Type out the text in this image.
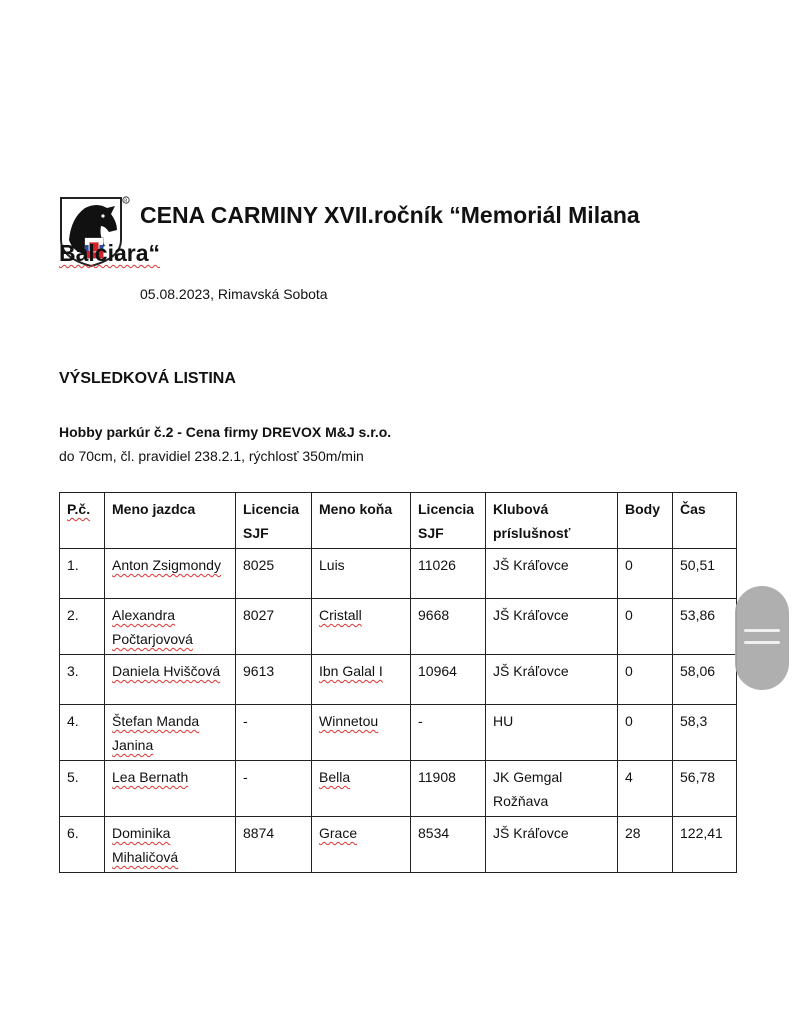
R
CENA CARMINY XVII.ročník “Memoriál Milana
Balciara“
05.08.2023, Rimavská Sobota
VÝSLEDKOVÁ LISTINA
Hobby parkúr č.2 - Cena firmy DREVOX M&J s.r.o.
do 70cm, čl. pravidiel 238.2.1, rýchlosť 350m/min
P.č.	Meno jazdca	Licencia SJF	Meno koňa	Licencia SJF	Klubová príslušnosť	Body	Čas
1.	Anton Zsigmondy	8025	Luis	11026	JŠ Kráľovce	0	50,51
2.	Alexandra Počtarjovová	8027	Cristall	9668	JŠ Kráľovce	0	53,86
3.	Daniela Hviščová	9613	Ibn Galal I	10964	JŠ Kráľovce	0	58,06
4.	Štefan Manda Janina	-	Winnetou	-	HU	0	58,3
5.	Lea Bernath	-	Bella	11908	JK Gemgal Rožňava	4	56,78
6.	Dominika Mihaličová	8874	Grace	8534	JŠ Kráľovce	28	122,41
